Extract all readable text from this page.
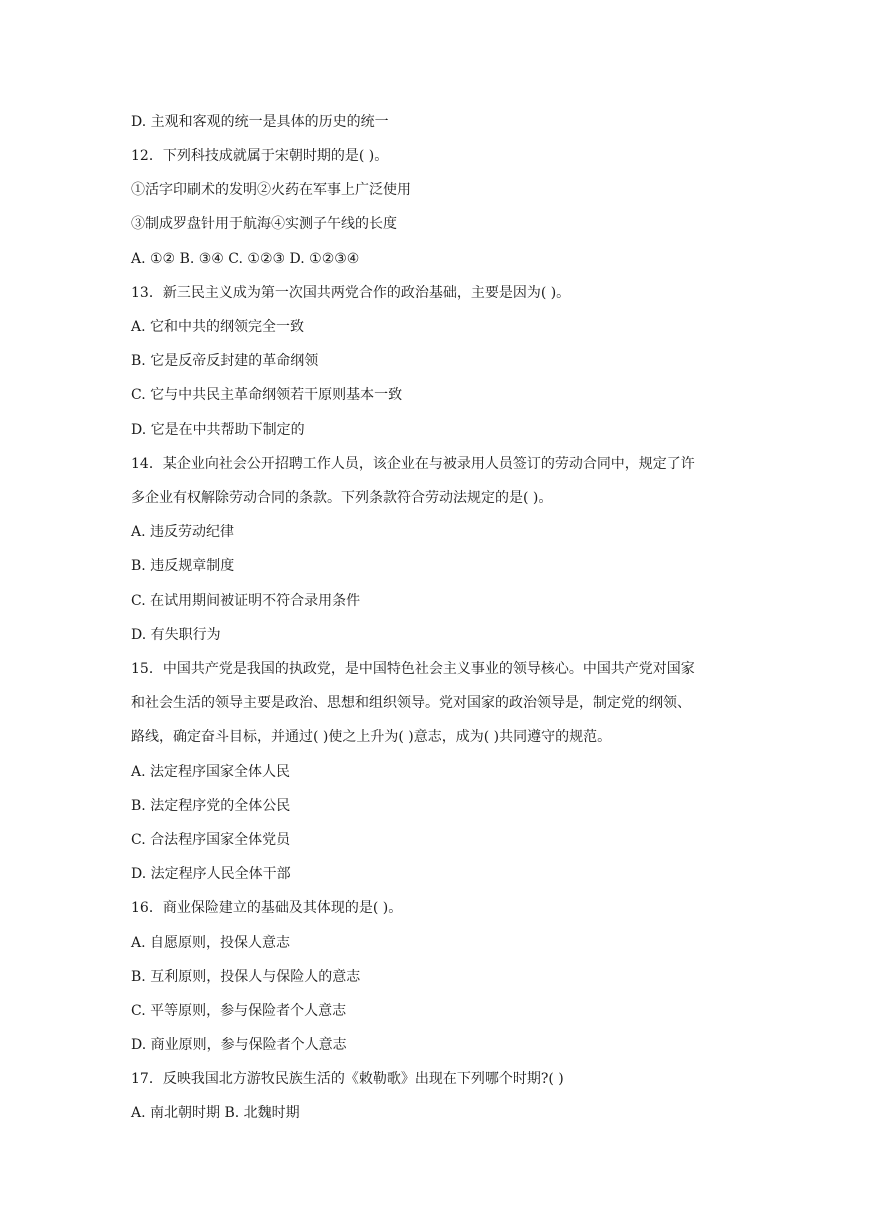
D. 主观和客观的统一是具体的历史的统一
12．下列科技成就属于宋朝时期的是( )。
①活字印刷术的发明②火药在军事上广泛使用
③制成罗盘针用于航海④实测子午线的长度
A. ①② B. ③④ C. ①②③ D. ①②③④
13．新三民主义成为第一次国共两党合作的政治基础，主要是因为( )。
A. 它和中共的纲领完全一致
B. 它是反帝反封建的革命纲领
C. 它与中共民主革命纲领若干原则基本一致
D. 它是在中共帮助下制定的
14．某企业向社会公开招聘工作人员，该企业在与被录用人员签订的劳动合同中，规定了许
多企业有权解除劳动合同的条款。下列条款符合劳动法规定的是( )。
A. 违反劳动纪律
B. 违反规章制度
C. 在试用期间被证明不符合录用条件
D. 有失职行为
15．中国共产党是我国的执政党，是中国特色社会主义事业的领导核心。中国共产党对国家
和社会生活的领导主要是政治、思想和组织领导。党对国家的政治领导是，制定党的纲领、
路线，确定奋斗目标，并通过( )使之上升为( )意志，成为( )共同遵守的规范。
A. 法定程序国家全体人民
B. 法定程序党的全体公民
C. 合法程序国家全体党员
D. 法定程序人民全体干部
16．商业保险建立的基础及其体现的是( )。
A. 自愿原则，投保人意志
B. 互利原则，投保人与保险人的意志
C. 平等原则，参与保险者个人意志
D. 商业原则，参与保险者个人意志
17．反映我国北方游牧民族生活的《敕勒歌》出现在下列哪个时期?( )
A. 南北朝时期 B. 北魏时期
